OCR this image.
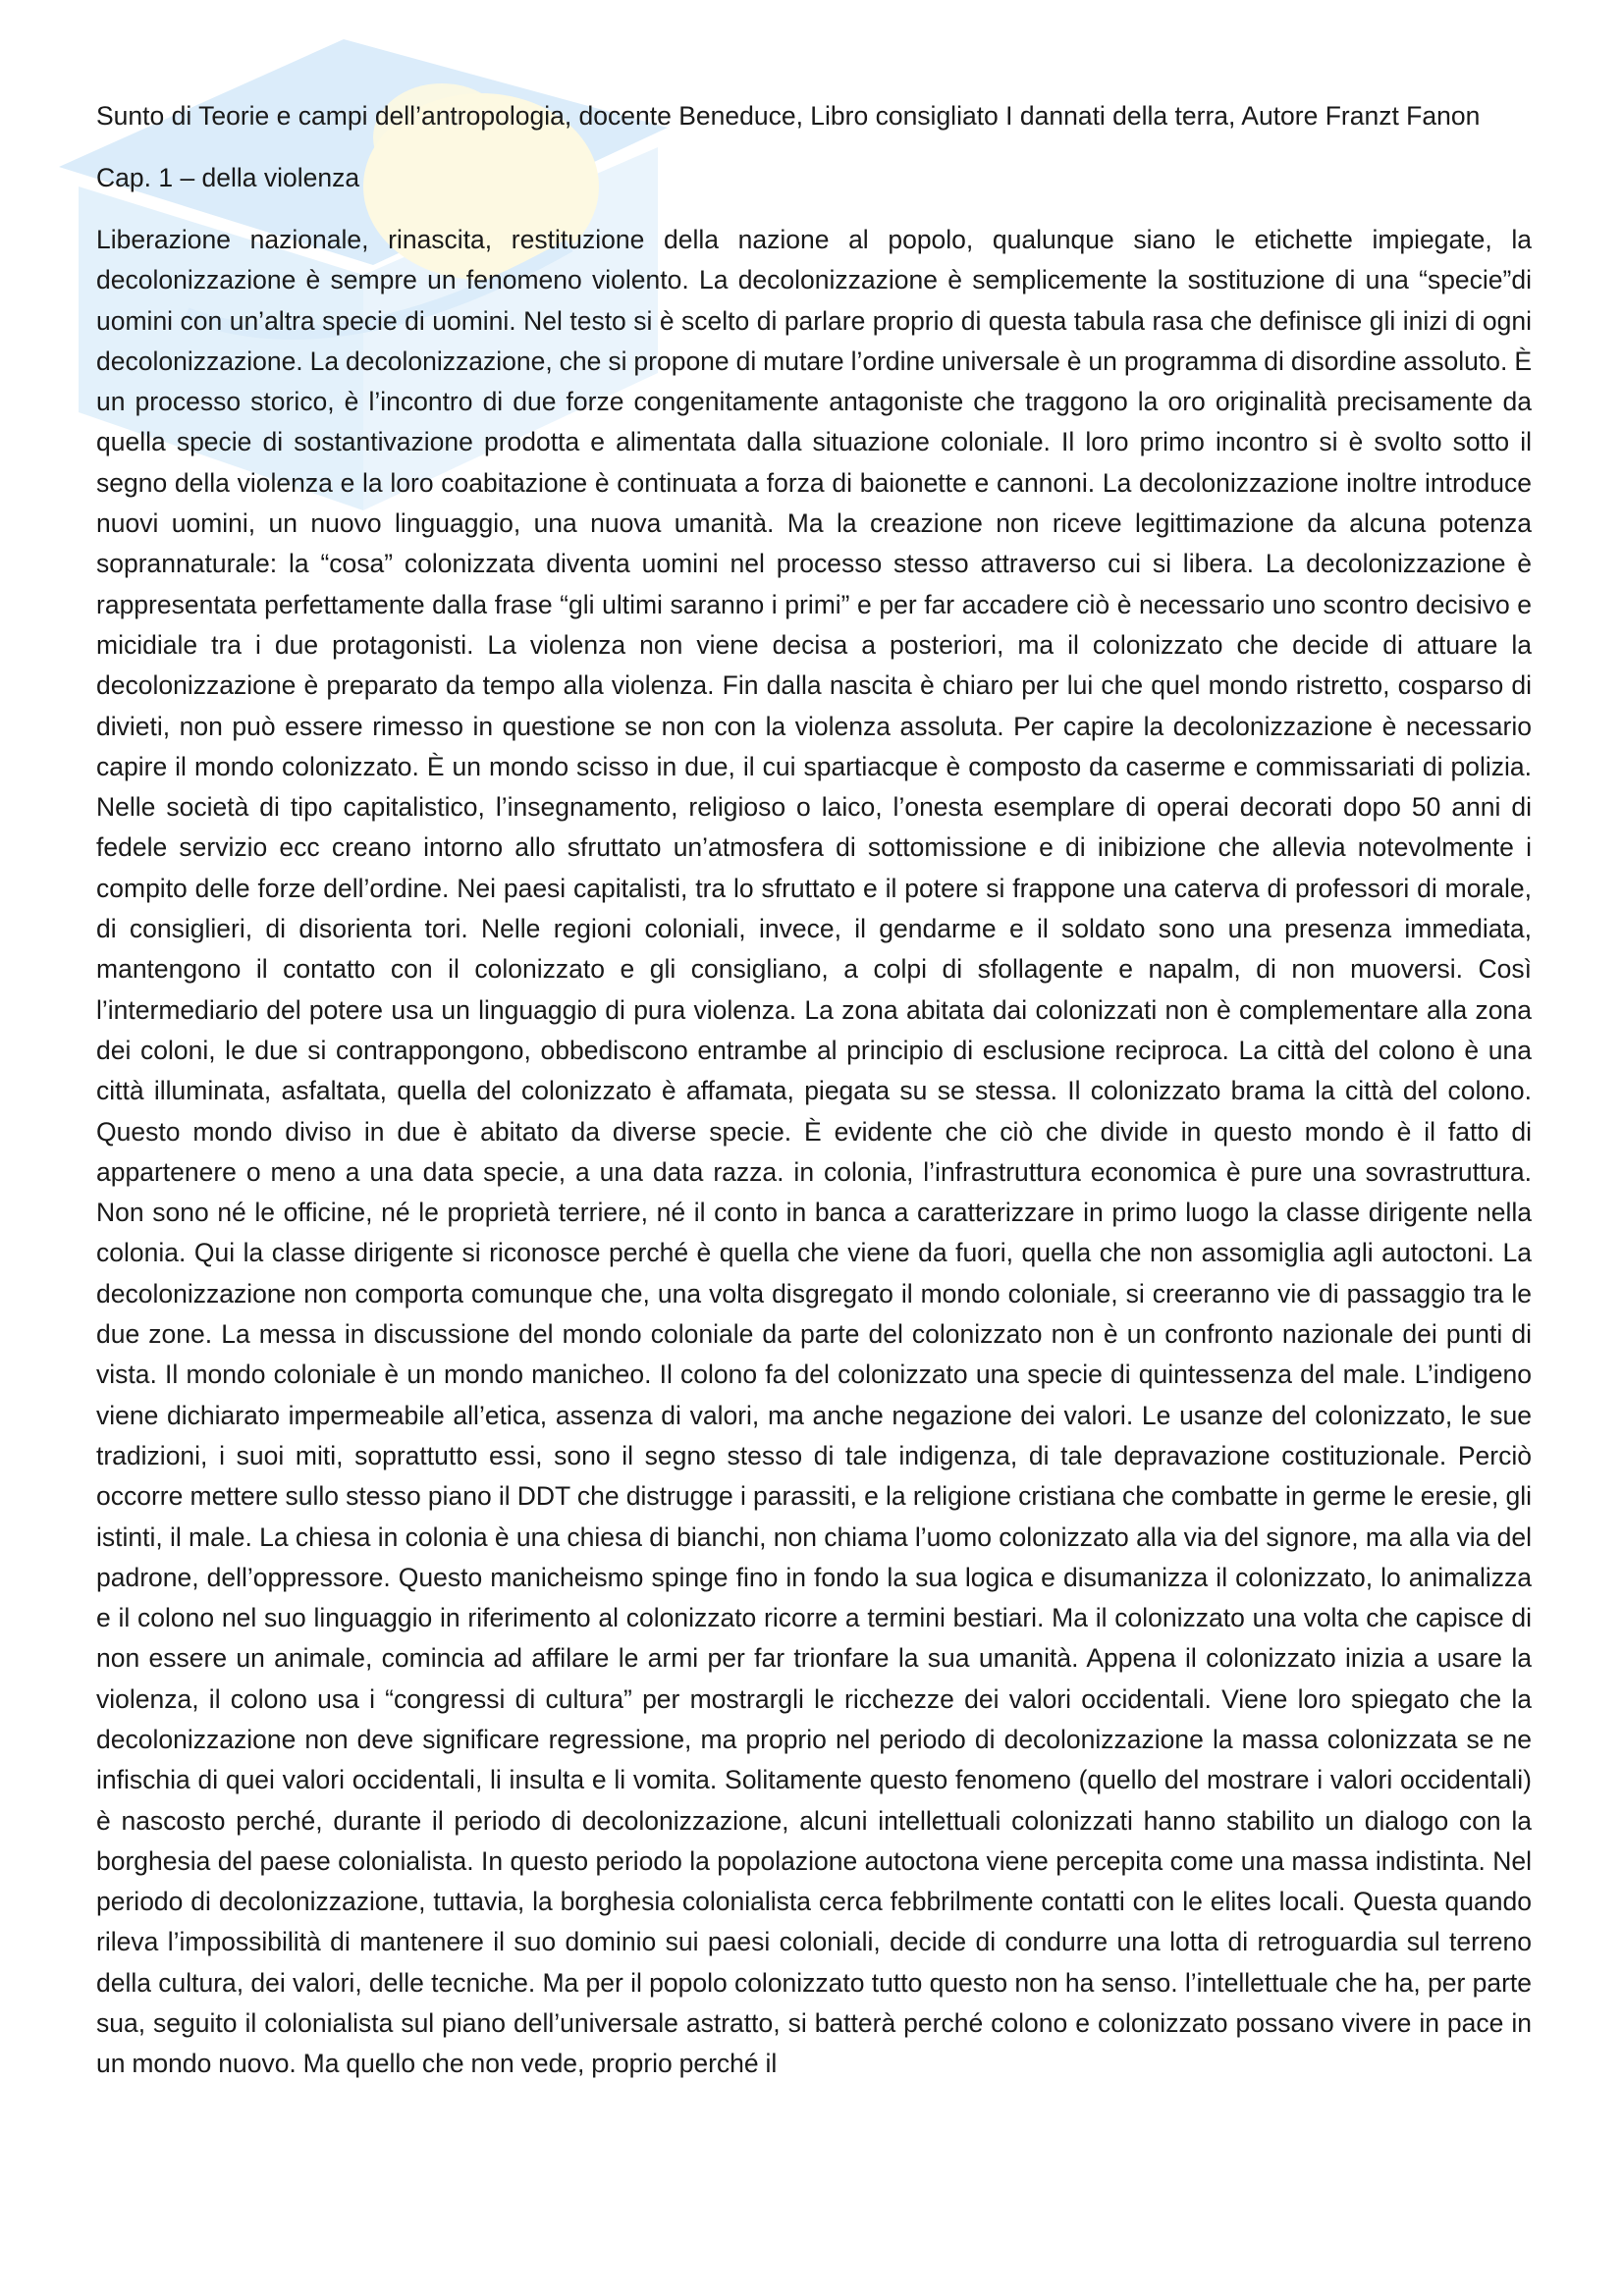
Sunto di Teorie e campi dell’antropologia, docente Beneduce, Libro consigliato I dannati della terra, Autore Franzt Fanon

Cap. 1 – della violenza

Liberazione nazionale, rinascita, restituzione della nazione al popolo, qualunque siano le etichette impiegate, la decolonizzazione è sempre un fenomeno violento. La decolonizzazione è semplicemente la sostituzione di una “specie”di uomini con un’altra specie di uomini. Nel testo si è scelto di parlare proprio di questa tabula rasa che definisce gli inizi di ogni decolonizzazione. La decolonizzazione, che si propone di mutare l’ordine universale è un programma di disordine assoluto. È un processo storico, è l’incontro di due forze congenitamente antagoniste che traggono la oro originalità precisamente da quella specie di sostantivazione prodotta e alimentata dalla situazione coloniale. Il loro primo incontro si è svolto sotto il segno della violenza e la loro coabitazione è continuata a forza di baionette e cannoni. La decolonizzazione inoltre introduce nuovi uomini, un nuovo linguaggio, una nuova umanità. Ma la creazione non riceve legittimazione da alcuna potenza soprannaturale: la “cosa” colonizzata diventa uomini nel processo stesso attraverso cui si libera. La decolonizzazione è rappresentata perfettamente dalla frase “gli ultimi saranno i primi” e per far accadere ciò è necessario uno scontro decisivo e micidiale tra i due protagonisti. La violenza non viene decisa a posteriori, ma il colonizzato che decide di attuare la decolonizzazione è preparato da tempo alla violenza. Fin dalla nascita è chiaro per lui che quel mondo ristretto, cosparso di divieti, non può essere rimesso in questione se non con la violenza assoluta. Per capire la decolonizzazione è necessario capire il mondo colonizzato. È un mondo scisso in due, il cui spartiacque è composto da caserme e commissariati di polizia. Nelle società di tipo capitalistico, l’insegnamento, religioso o laico, l’onesta esemplare di operai decorati dopo 50 anni di fedele servizio ecc creano intorno allo sfruttato un’atmosfera di sottomissione e di inibizione che allevia notevolmente i compito delle forze dell’ordine. Nei paesi capitalisti, tra lo sfruttato e il potere si frappone una caterva di professori di morale, di consiglieri, di disorienta tori. Nelle regioni coloniali, invece, il gendarme e il soldato sono una presenza immediata, mantengono il contatto con il colonizzato e gli consigliano, a colpi di sfollagente e napalm, di non muoversi. Così l’intermediario del potere usa un linguaggio di pura violenza. La zona abitata dai colonizzati non è complementare alla zona dei coloni, le due si contrappongono, obbediscono entrambe al principio di esclusione reciproca. La città del colono è una città illuminata, asfaltata, quella del colonizzato è affamata, piegata su se stessa. Il colonizzato brama la città del colono. Questo mondo diviso in due è abitato da diverse specie. È evidente che ciò che divide in questo mondo è il fatto di appartenere o meno a una data specie, a una data razza. in colonia, l’infrastruttura economica è pure una sovrastruttura. Non sono né le officine, né le proprietà terriere, né il conto in banca a caratterizzare in primo luogo la classe dirigente nella colonia. Qui la classe dirigente si riconosce perché è quella che viene da fuori, quella che non assomiglia agli autoctoni. La decolonizzazione non comporta comunque che, una volta disgregato il mondo coloniale, si creeranno vie di passaggio tra le due zone. La messa in discussione del mondo coloniale da parte del colonizzato non è un confronto nazionale dei punti di vista. Il mondo coloniale è un mondo manicheo. Il colono fa del colonizzato una specie di quintessenza del male. L’indigeno viene dichiarato impermeabile all’etica, assenza di valori, ma anche negazione dei valori. Le usanze del colonizzato, le sue tradizioni, i suoi miti, soprattutto essi, sono il segno stesso di tale indigenza, di tale depravazione costituzionale. Perciò occorre mettere sullo stesso piano il DDT che distrugge i parassiti, e la religione cristiana che combatte in germe le eresie, gli istinti, il male. La chiesa in colonia è una chiesa di bianchi, non chiama l’uomo colonizzato alla via del signore, ma alla via del padrone, dell’oppressore. Questo manicheismo spinge fino in fondo la sua logica e disumanizza il colonizzato, lo animalizza e il colono nel suo linguaggio in riferimento al colonizzato ricorre a termini bestiari. Ma il colonizzato una volta che capisce di non essere un animale, comincia ad affilare le armi per far trionfare la sua umanità. Appena il colonizzato inizia a usare la violenza, il colono usa i “congressi di cultura” per mostrargli le ricchezze dei valori occidentali. Viene loro spiegato che la decolonizzazione non deve significare regressione, ma proprio nel periodo di decolonizzazione la massa colonizzata se ne infischia di quei valori occidentali, li insulta e li vomita. Solitamente questo fenomeno (quello del mostrare i valori occidentali) è nascosto perché, durante il periodo di decolonizzazione, alcuni intellettuali colonizzati hanno stabilito un dialogo con la borghesia del paese colonialista. In questo periodo la popolazione autoctona viene percepita come una massa indistinta. Nel periodo di decolonizzazione, tuttavia, la borghesia colonialista cerca febbrilmente contatti con le elites locali. Questa quando rileva l’impossibilità di mantenere il suo dominio sui paesi coloniali, decide di condurre una lotta di retroguardia sul terreno della cultura, dei valori, delle tecniche. Ma per il popolo colonizzato tutto questo non ha senso. l’intellettuale che ha, per parte sua, seguito il colonialista sul piano dell’universale astratto, si batterà perché colono e colonizzato possano vivere in pace in un mondo nuovo. Ma quello che non vede, proprio perché il
